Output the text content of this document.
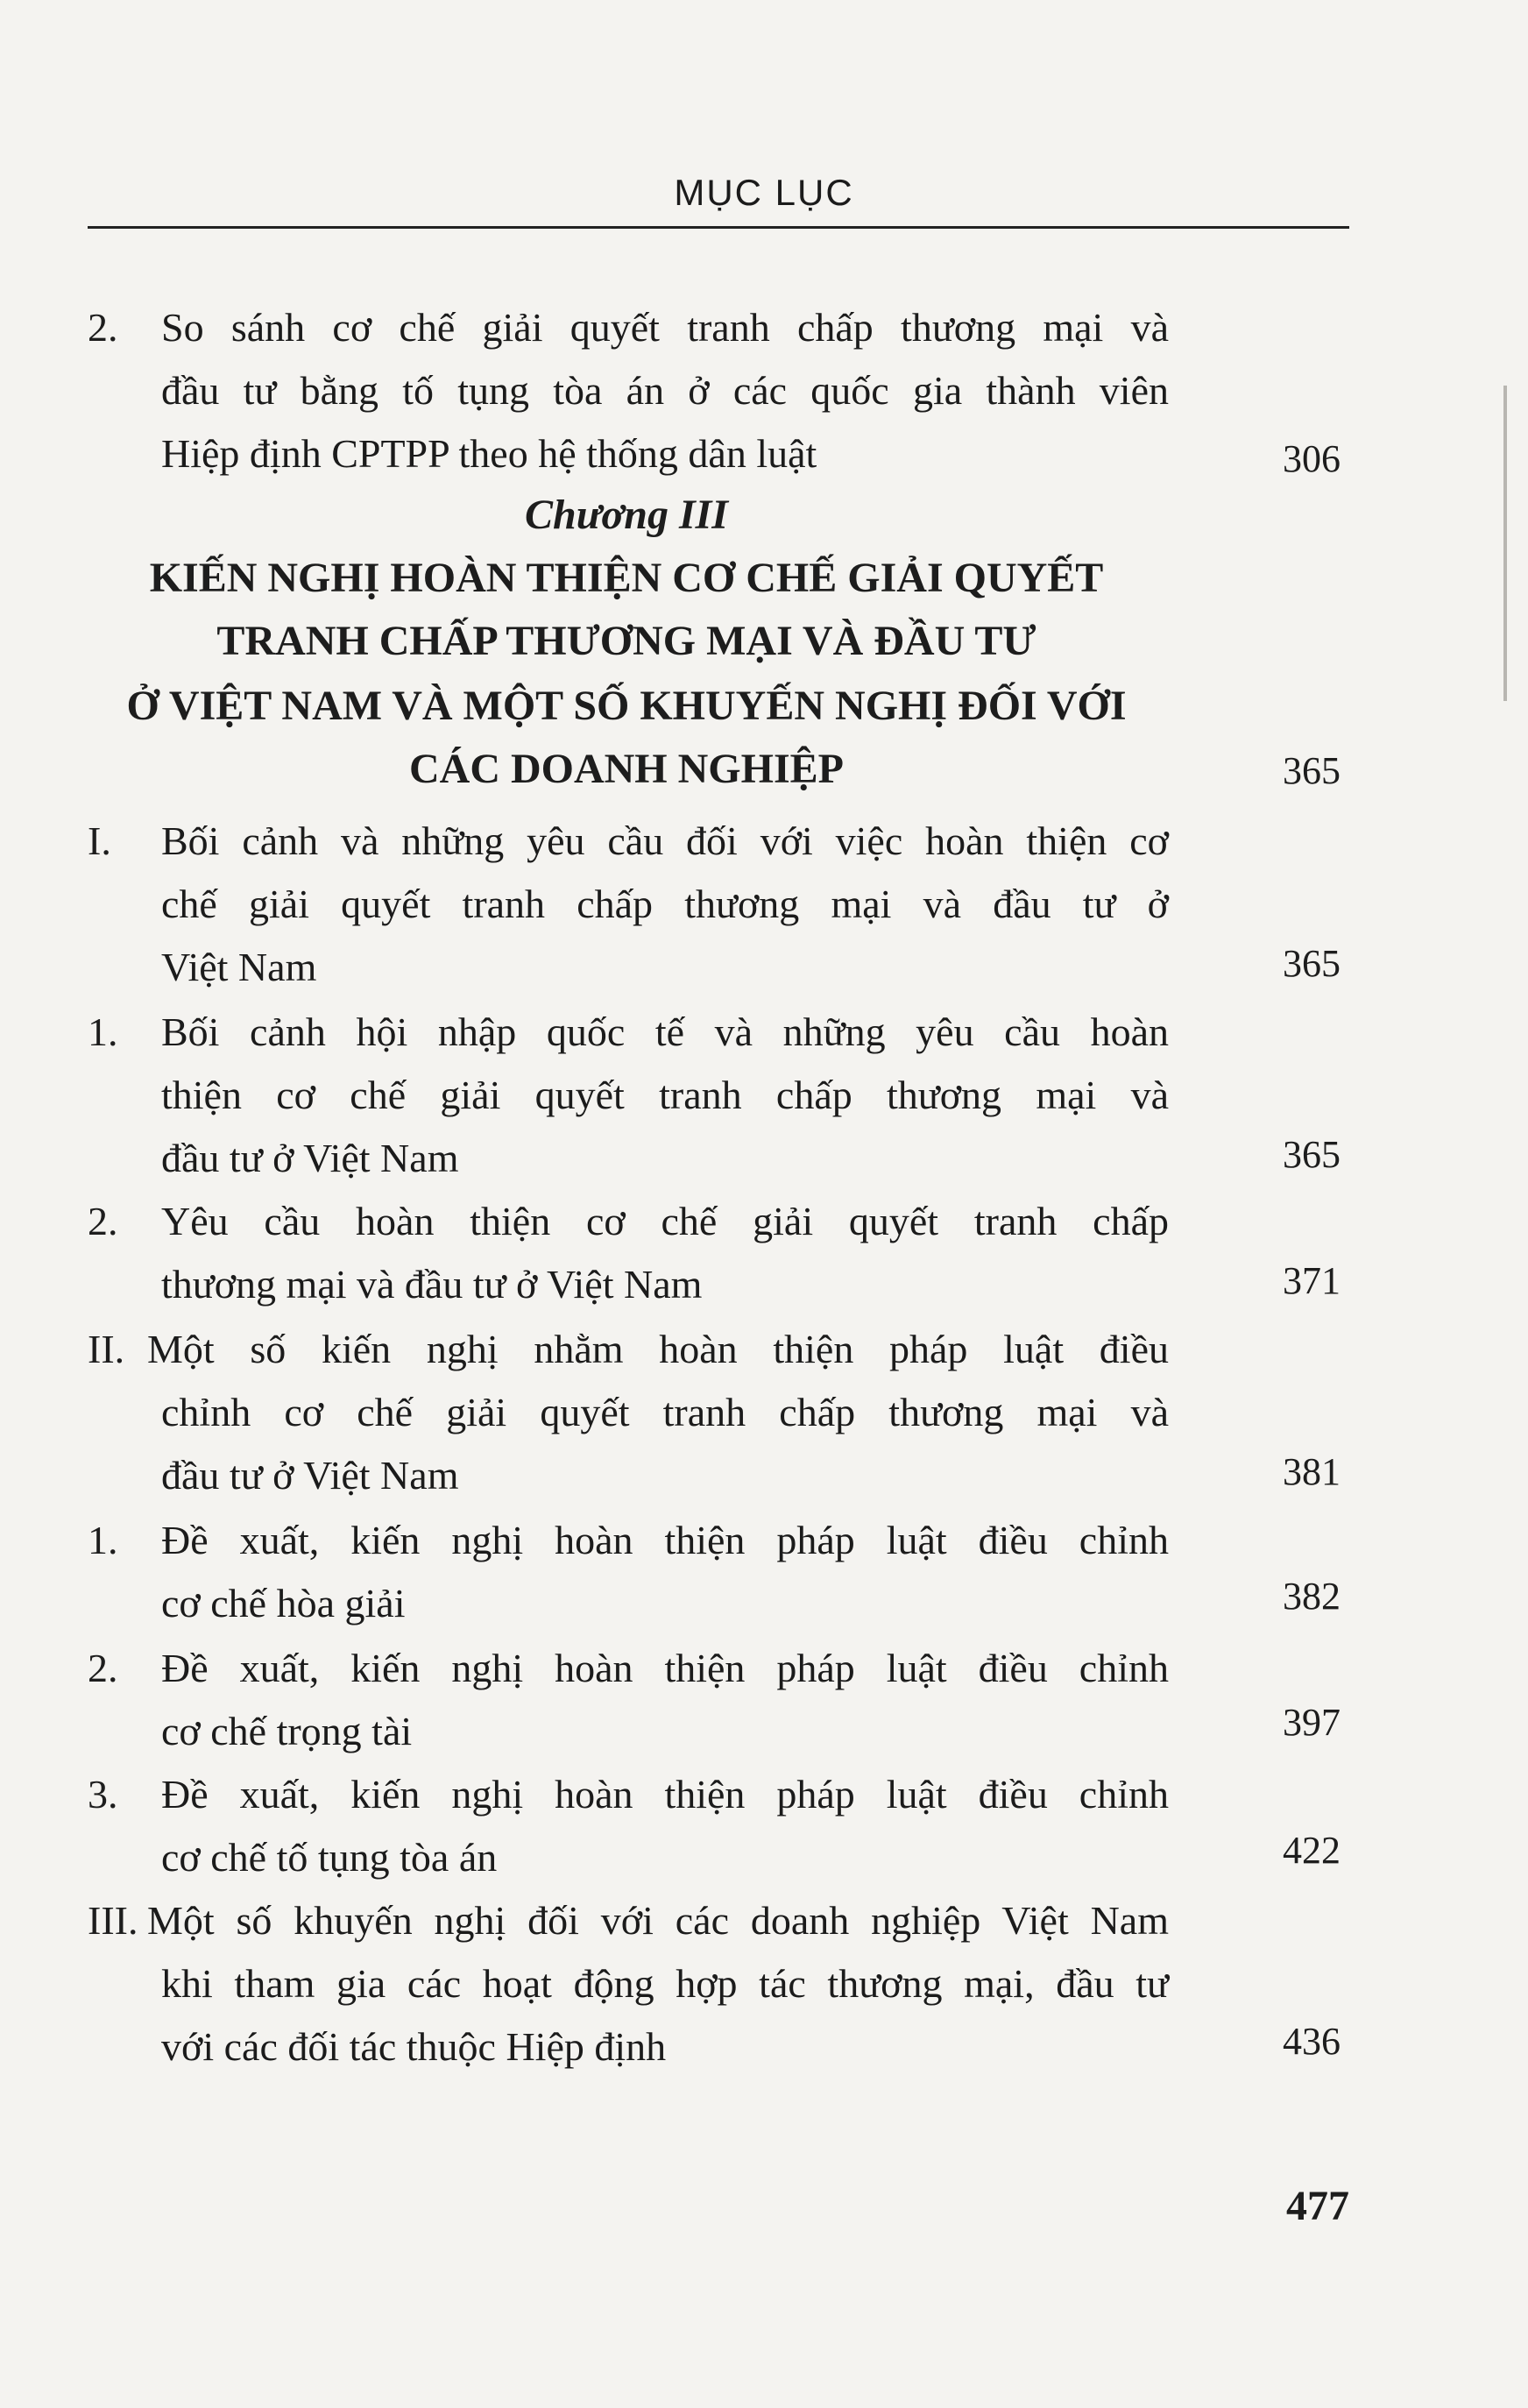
MỤC LỤC
2. So sánh cơ chế giải quyết tranh chấp thương mại và
đầu tư bằng tố tụng tòa án ở các quốc gia thành viên
Hiệp định CPTPP theo hệ thống dân luật	306
Chương III
KIẾN NGHỊ HOÀN THIỆN CƠ CHẾ GIẢI QUYẾT
TRANH CHẤP THƯƠNG MẠI VÀ ĐẦU TƯ
Ở VIỆT NAM VÀ MỘT SỐ KHUYẾN NGHỊ ĐỐI VỚI
CÁC DOANH NGHIỆP	365
I. Bối cảnh và những yêu cầu đối với việc hoàn thiện cơ
chế giải quyết tranh chấp thương mại và đầu tư ở
Việt Nam	365
1. Bối cảnh hội nhập quốc tế và những yêu cầu hoàn
thiện cơ chế giải quyết tranh chấp thương mại và
đầu tư ở Việt Nam	365
2. Yêu cầu hoàn thiện cơ chế giải quyết tranh chấp
thương mại và đầu tư ở Việt Nam	371
II. Một số kiến nghị nhằm hoàn thiện pháp luật điều
chỉnh cơ chế giải quyết tranh chấp thương mại và
đầu tư ở Việt Nam	381
1. Đề xuất, kiến nghị hoàn thiện pháp luật điều chỉnh
cơ chế hòa giải	382
2. Đề xuất, kiến nghị hoàn thiện pháp luật điều chỉnh
cơ chế trọng tài	397
3. Đề xuất, kiến nghị hoàn thiện pháp luật điều chỉnh
cơ chế tố tụng tòa án	422
III. Một số khuyến nghị đối với các doanh nghiệp Việt Nam
khi tham gia các hoạt động hợp tác thương mại, đầu tư
với các đối tác thuộc Hiệp định	436
477
